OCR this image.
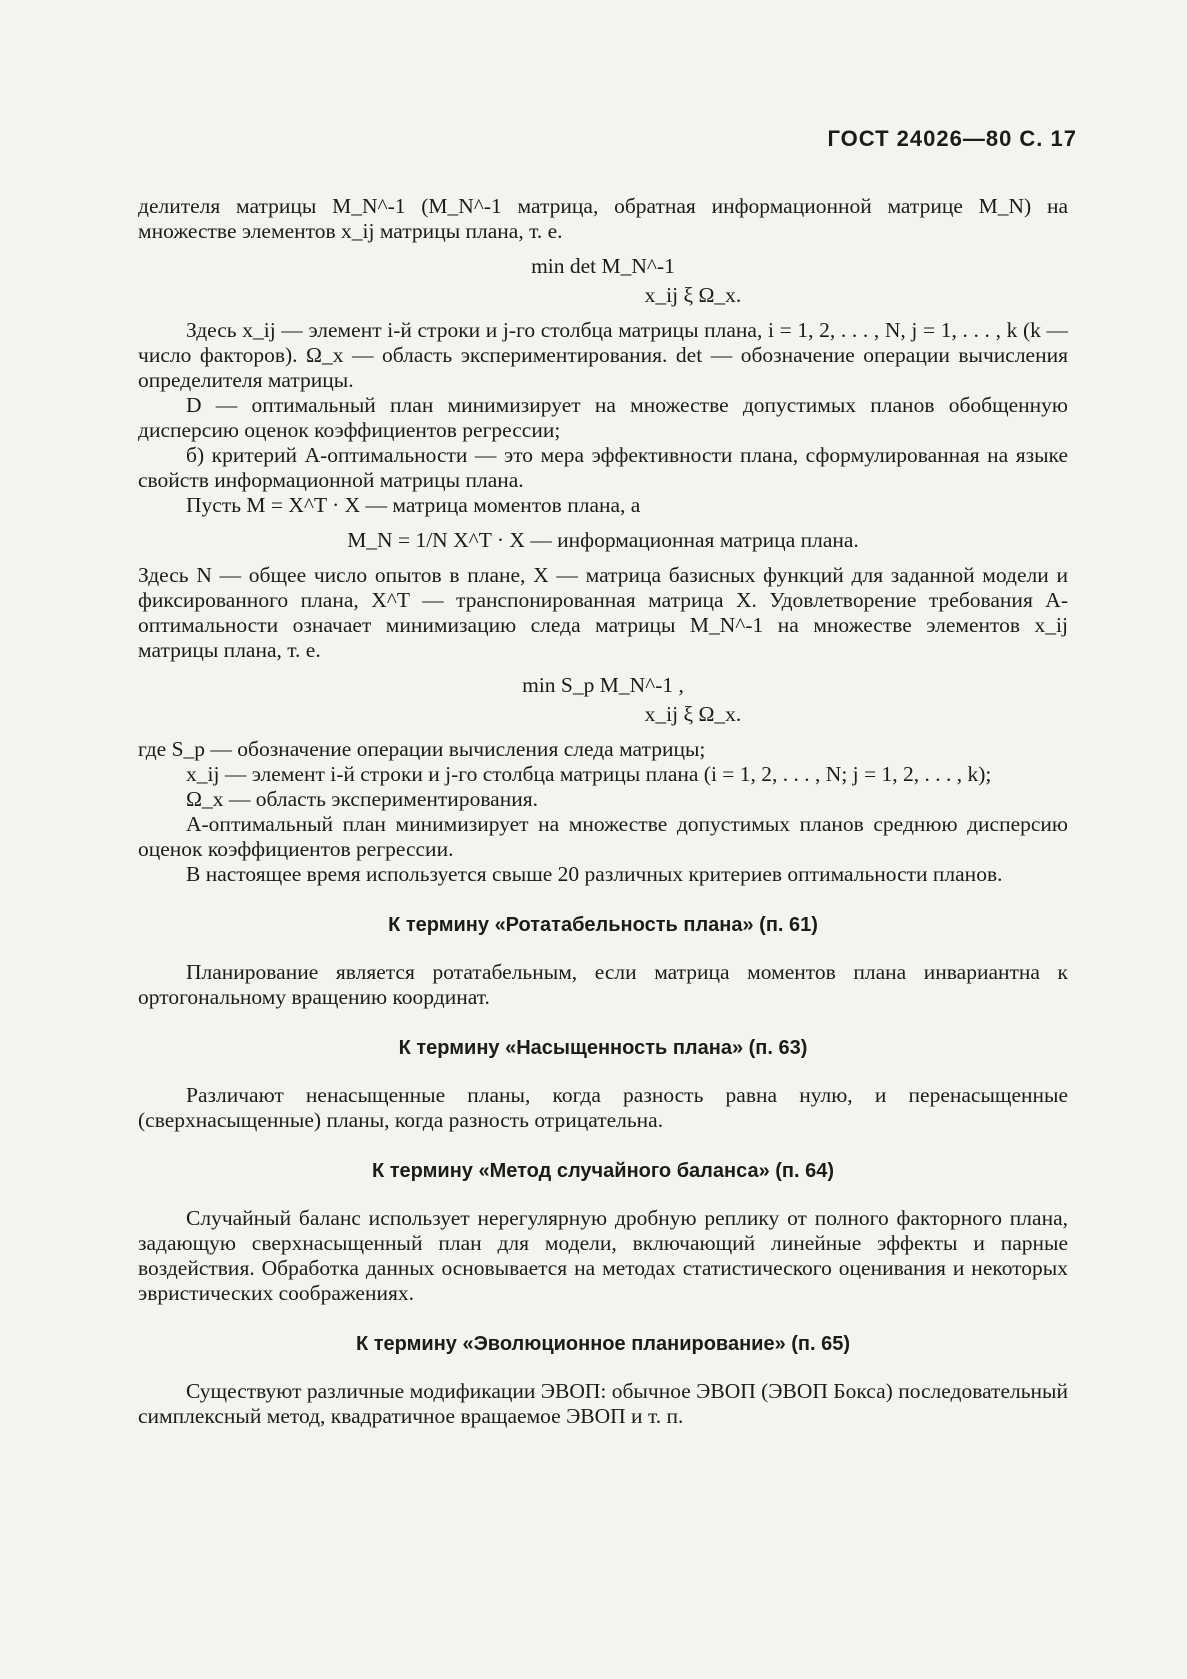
ГОСТ 24026—80 С. 17

делителя матрицы M_N^-1 (M_N^-1 матрица, обратная информационной матрице M_N) на множестве элементов x_ij матрицы плана, т. е.

min det M_N^-1
x_ij ξ Ω_x.

Здесь x_ij — элемент i-й строки и j-го столбца матрицы плана, i = 1, 2, . . . , N, j = 1, . . . , k (k — число факторов). Ω_x — область экспериментирования. det — обозначение операции вычисления определителя матрицы.

D — оптимальный план минимизирует на множестве допустимых планов обобщенную дисперсию оценок коэффициентов регрессии;

б) критерий A-оптимальности — это мера эффективности плана, сформулированная на языке свойств информационной матрицы плана.

Пусть M = X^T · X — матрица моментов плана, а

M_N = 1/N X^T · X — информационная матрица плана.

Здесь N — общее число опытов в плане, X — матрица базисных функций для заданной модели и фиксированного плана, X^T — транспонированная матрица X. Удовлетворение требования A-оптимальности означает минимизацию следа матрицы M_N^-1 на множестве элементов x_ij матрицы плана, т. е.

min S_p M_N^-1 ,
x_ij ξ Ω_x.

где S_p — обозначение операции вычисления следа матрицы;

x_ij — элемент i-й строки и j-го столбца матрицы плана (i = 1, 2, . . . , N; j = 1, 2, . . . , k);

Ω_x — область экспериментирования.

A-оптимальный план минимизирует на множестве допустимых планов среднюю дисперсию оценок коэффициентов регрессии.

В настоящее время используется свыше 20 различных критериев оптимальности планов.

К термину «Ротатабельность плана» (п. 61)

Планирование является ротатабельным, если матрица моментов плана инвариантна к ортогональному вращению координат.

К термину «Насыщенность плана» (п. 63)

Различают ненасыщенные планы, когда разность равна нулю, и перенасыщенные (сверхнасыщенные) планы, когда разность отрицательна.

К термину «Метод случайного баланса» (п. 64)

Случайный баланс использует нерегулярную дробную реплику от полного факторного плана, задающую сверхнасыщенный план для модели, включающий линейные эффекты и парные воздействия. Обработка данных основывается на методах статистического оценивания и некоторых эвристических соображениях.

К термину «Эволюционное планирование» (п. 65)

Существуют различные модификации ЭВОП: обычное ЭВОП (ЭВОП Бокса) последовательный симплексный метод, квадратичное вращаемое ЭВОП и т. п.
